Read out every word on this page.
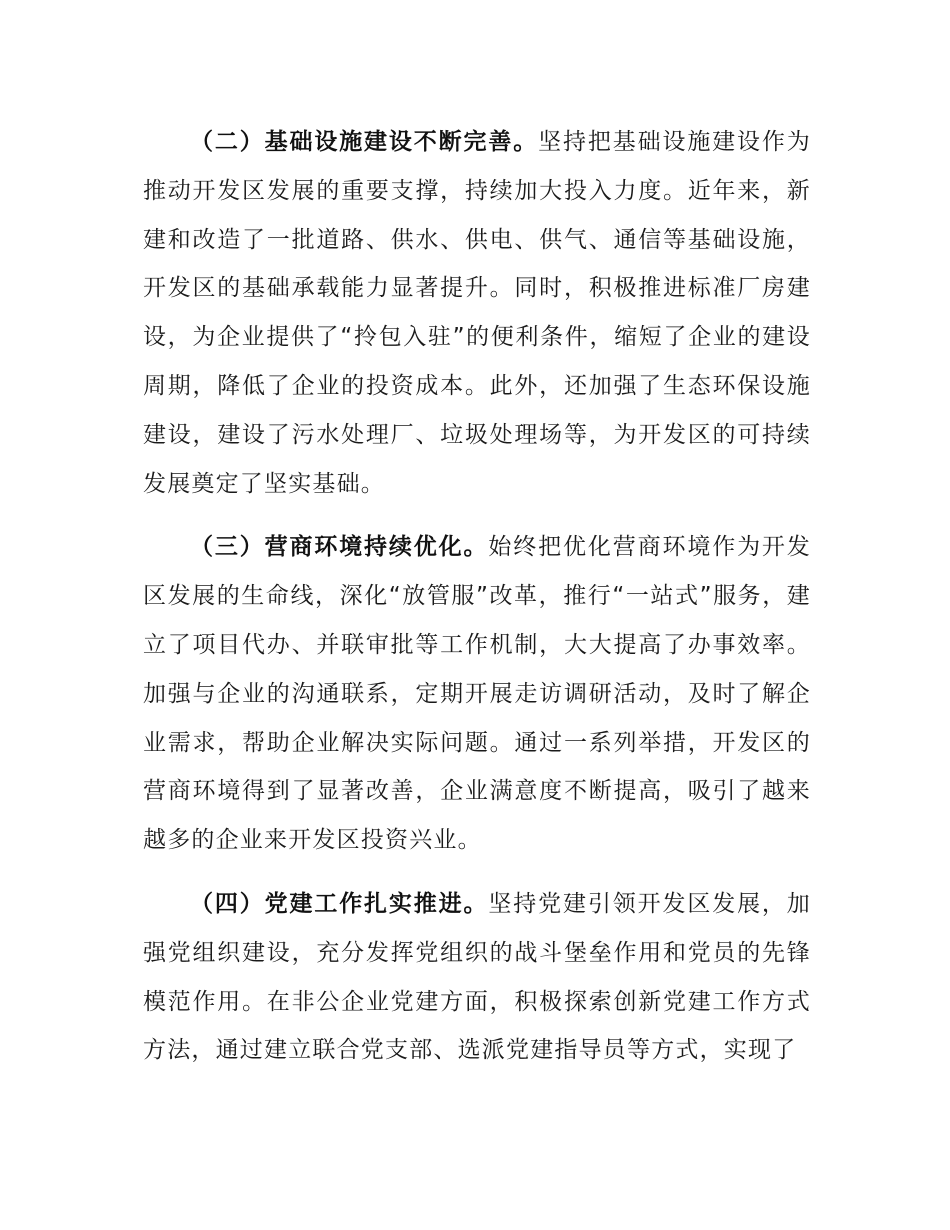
（二）基础设施建设不断完善。坚持把基础设施建设作为推动开发区发展的重要支撑，持续加大投入力度。近年来，新建和改造了一批道路、供水、供电、供气、通信等基础设施，开发区的基础承载能力显著提升。同时，积极推进标准厂房建设，为企业提供了“拎包入驻”的便利条件，缩短了企业的建设周期，降低了企业的投资成本。此外，还加强了生态环保设施建设，建设了污水处理厂、垃圾处理场等，为开发区的可持续发展奠定了坚实基础。

（三）营商环境持续优化。始终把优化营商环境作为开发区发展的生命线，深化“放管服”改革，推行“一站式”服务，建立了项目代办、并联审批等工作机制，大大提高了办事效率。加强与企业的沟通联系，定期开展走访调研活动，及时了解企业需求，帮助企业解决实际问题。通过一系列举措，开发区的营商环境得到了显著改善，企业满意度不断提高，吸引了越来越多的企业来开发区投资兴业。

（四）党建工作扎实推进。坚持党建引领开发区发展，加强党组织建设，充分发挥党组织的战斗堡垒作用和党员的先锋模范作用。在非公企业党建方面，积极探索创新党建工作方式方法，通过建立联合党支部、选派党建指导员等方式，实现了
